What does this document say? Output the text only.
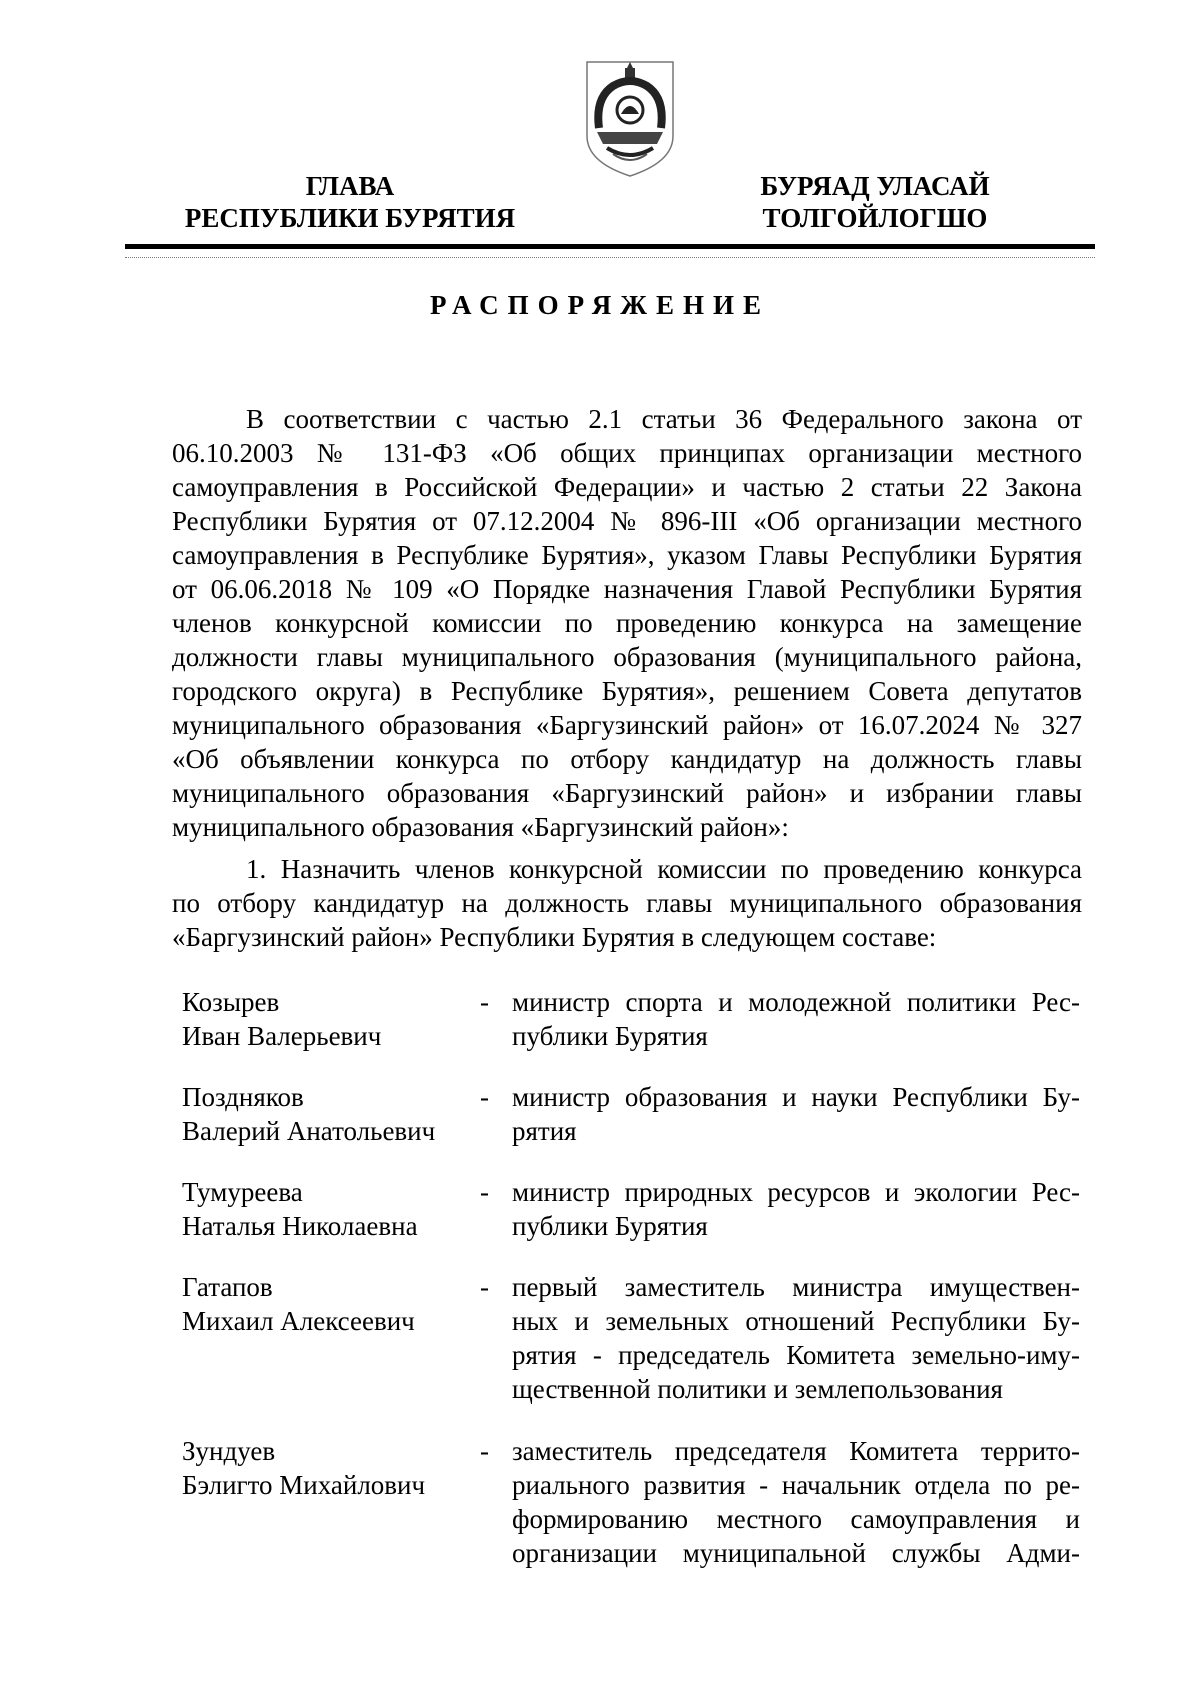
ГЛАВА
РЕСПУБЛИКИ БУРЯТИЯ
БУРЯАД УЛАСАЙ
ТОЛГОЙЛОГШО
РАСПОРЯЖЕНИЕ

В соответствии с частью 2.1 статьи 36 Федерального закона от
06.10.2003 № 131-ФЗ «Об общих принципах организации местного
самоуправления в Российской Федерации» и частью 2 статьи 22 Закона
Республики Бурятия от 07.12.2004 № 896-III «Об организации местного
самоуправления в Республике Бурятия», указом Главы Республики Бурятия
от 06.06.2018 № 109 «О Порядке назначения Главой Республики Бурятия
членов конкурсной комиссии по проведению конкурса на замещение
должности главы муниципального образования (муниципального района,
городского округа) в Республике Бурятия», решением Совета депутатов
муниципального образования «Баргузинский район» от 16.07.2024 № 327
«Об объявлении конкурса по отбору кандидатур на должность главы
муниципального образования «Баргузинский район» и избрании главы
муниципального образования «Баргузинский район»:

1. Назначить членов конкурсной комиссии по проведению конкурса
по отбору кандидатур на должность главы муниципального образования
«Баргузинский район» Республики Бурятия в следующем составе:

Козырев
Иван Валерьевич
- министр спорта и молодежной политики Рес-
публики Бурятия
Поздняков
Валерий Анатольевич
- министр образования и науки Республики Бу-
рятия
Тумуреева
Наталья Николаевна
- министр природных ресурсов и экологии Рес-
публики Бурятия
Гатапов
Михаил Алексеевич
- первый заместитель министра имуществен-
ных и земельных отношений Республики Бу-
рятия - председатель Комитета земельно-иму-
щественной политики и землепользования
Зундуев
Бэлигто Михайлович
- заместитель председателя Комитета террито-
риального развития - начальник отдела по ре-
формированию местного самоуправления и
организации муниципальной службы Адми-
